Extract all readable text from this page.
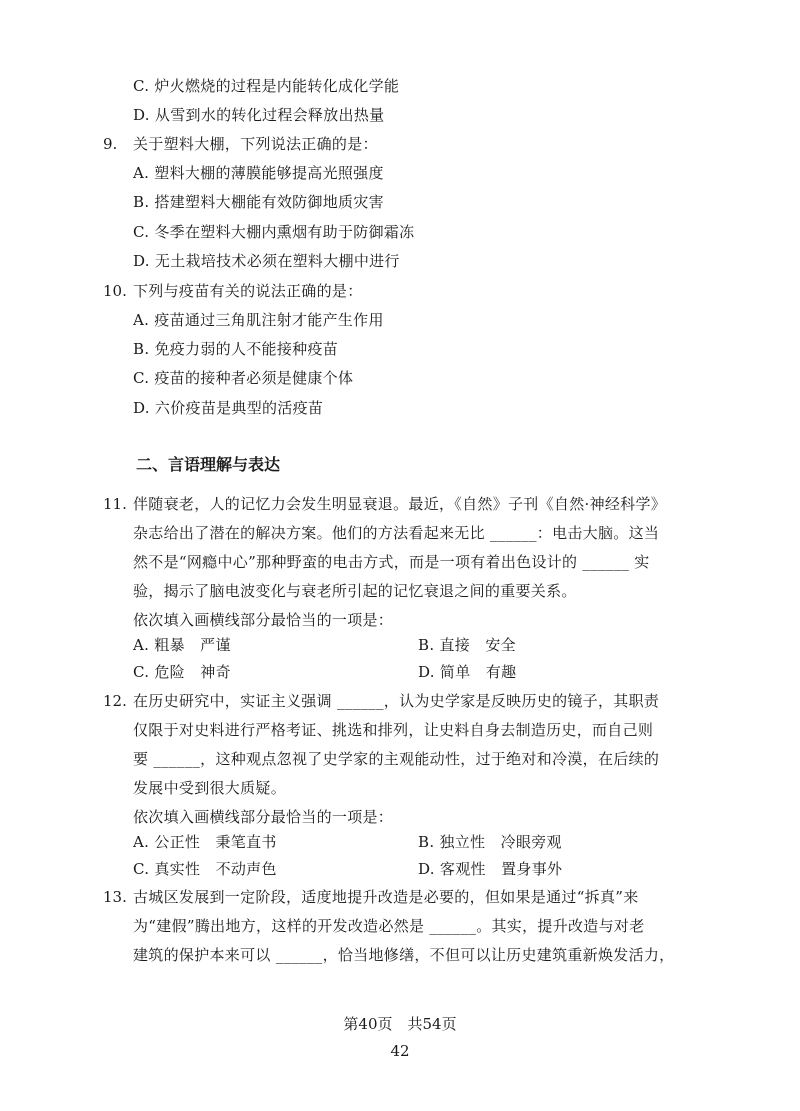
C. 炉火燃烧的过程是内能转化成化学能
D. 从雪到水的转化过程会释放出热量
9. 关于塑料大棚，下列说法正确的是：
A. 塑料大棚的薄膜能够提高光照强度
B. 搭建塑料大棚能有效防御地质灾害
C. 冬季在塑料大棚内熏烟有助于防御霜冻
D. 无土栽培技术必须在塑料大棚中进行
10. 下列与疫苗有关的说法正确的是：
A. 疫苗通过三角肌注射才能产生作用
B. 免疫力弱的人不能接种疫苗
C. 疫苗的接种者必须是健康个体
D. 六价疫苗是典型的活疫苗
二、言语理解与表达
11. 伴随衰老，人的记忆力会发生明显衰退。最近，《自然》子刊《自然·神经科学》
杂志给出了潜在的解决方案。他们的方法看起来无比 ______：电击大脑。这当
然不是“网瘾中心”那种野蛮的电击方式，而是一项有着出色设计的 ______ 实
验，揭示了脑电波变化与衰老所引起的记忆衰退之间的重要关系。
依次填入画横线部分最恰当的一项是：
A. 粗暴　严谨	B. 直接　安全
C. 危险　神奇	D. 简单　有趣
12. 在历史研究中，实证主义强调 ______，认为史学家是反映历史的镜子，其职责
仅限于对史料进行严格考证、挑选和排列，让史料自身去制造历史，而自己则
要 ______，这种观点忽视了史学家的主观能动性，过于绝对和冷漠，在后续的
发展中受到很大质疑。
依次填入画横线部分最恰当的一项是：
A. 公正性　秉笔直书	B. 独立性　冷眼旁观
C. 真实性　不动声色	D. 客观性　置身事外
13. 古城区发展到一定阶段，适度地提升改造是必要的，但如果是通过“拆真”来
为“建假”腾出地方，这样的开发改造必然是 ______。其实，提升改造与对老
建筑的保护本来可以 ______，恰当地修缮，不但可以让历史建筑重新焕发活力，
第40页　共54页
42
